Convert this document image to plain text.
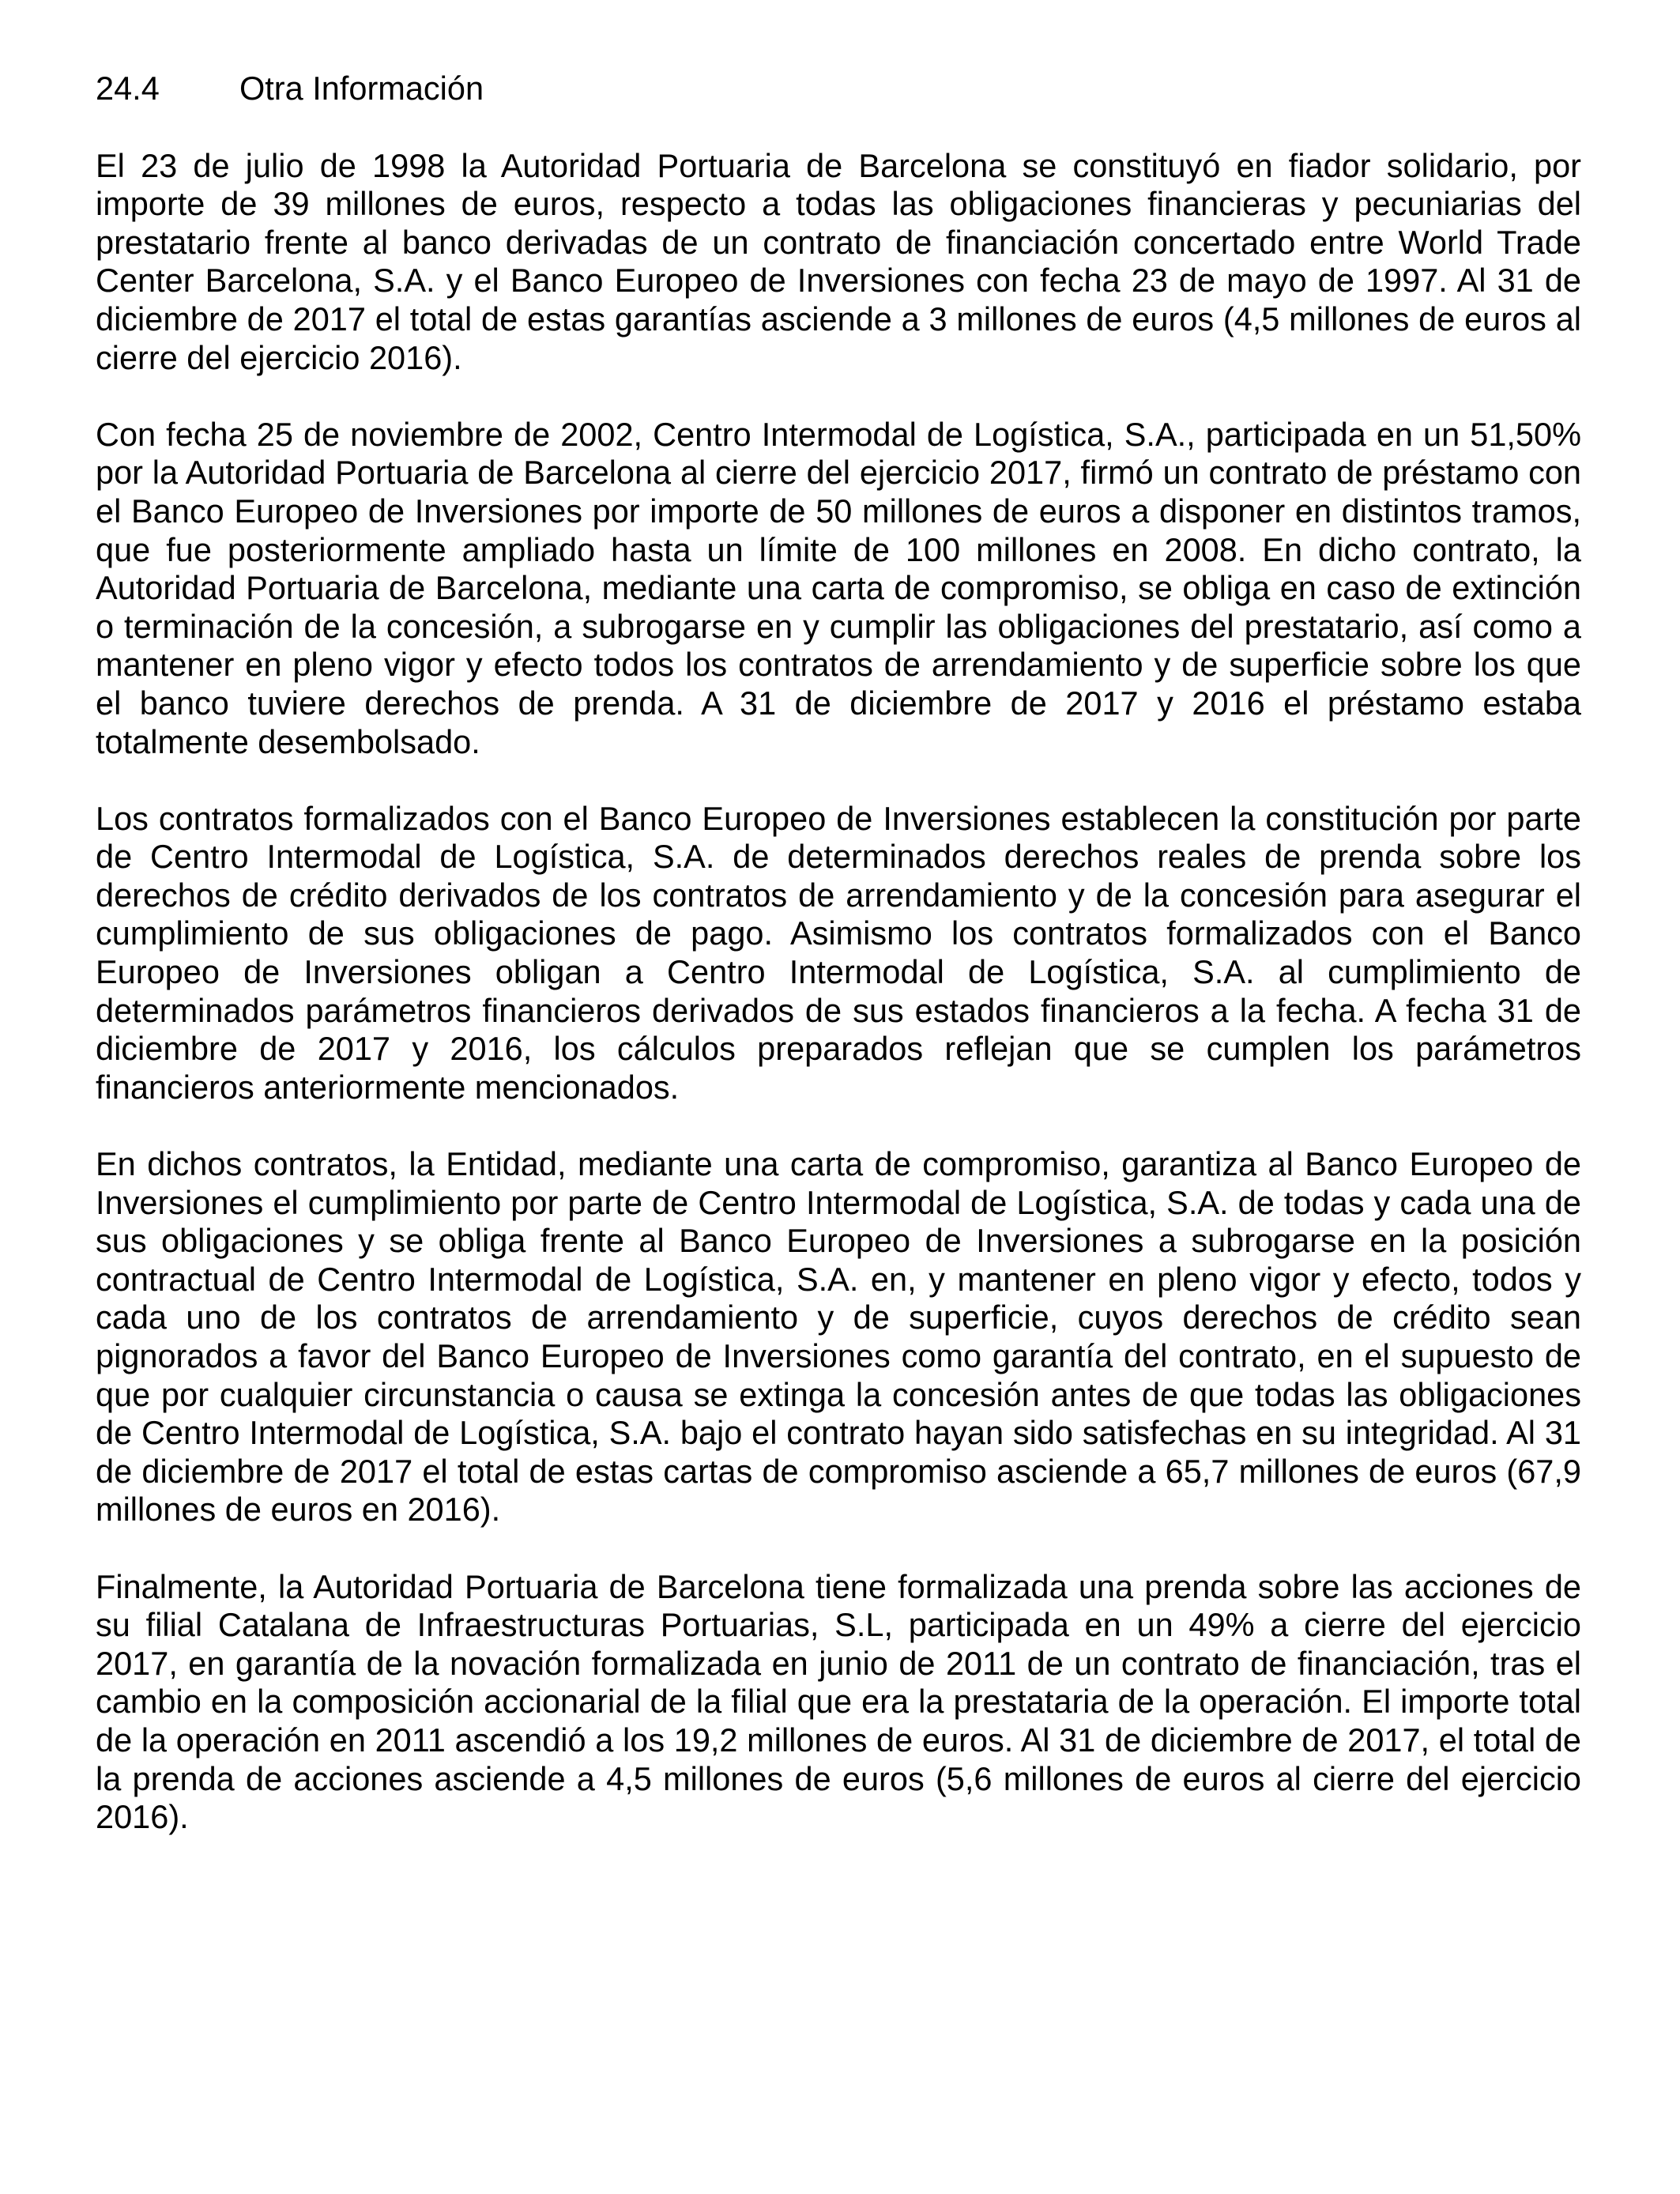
24.4 Otra Información

El 23 de julio de 1998 la Autoridad Portuaria de Barcelona se constituyó en fiador solidario, por importe de 39 millones de euros, respecto a todas las obligaciones financieras y pecuniarias del prestatario frente al banco derivadas de un contrato de financiación concertado entre World Trade Center Barcelona, S.A. y el Banco Europeo de Inversiones con fecha 23 de mayo de 1997. Al 31 de diciembre de 2017 el total de estas garantías asciende a 3 millones de euros (4,5 millones de euros al cierre del ejercicio 2016).

Con fecha 25 de noviembre de 2002, Centro Intermodal de Logística, S.A., participada en un 51,50% por la Autoridad Portuaria de Barcelona al cierre del ejercicio 2017, firmó un contrato de préstamo con el Banco Europeo de Inversiones por importe de 50 millones de euros a disponer en distintos tramos, que fue posteriormente ampliado hasta un límite de 100 millones en 2008. En dicho contrato, la Autoridad Portuaria de Barcelona, mediante una carta de compromiso, se obliga en caso de extinción o terminación de la concesión, a subrogarse en y cumplir las obligaciones del prestatario, así como a mantener en pleno vigor y efecto todos los contratos de arrendamiento y de superficie sobre los que el banco tuviere derechos de prenda. A 31 de diciembre de 2017 y 2016 el préstamo estaba totalmente desembolsado.

Los contratos formalizados con el Banco Europeo de Inversiones establecen la constitución por parte de Centro Intermodal de Logística, S.A. de determinados derechos reales de prenda sobre los derechos de crédito derivados de los contratos de arrendamiento y de la concesión para asegurar el cumplimiento de sus obligaciones de pago. Asimismo los contratos formalizados con el Banco Europeo de Inversiones obligan a Centro Intermodal de Logística, S.A. al cumplimiento de determinados parámetros financieros derivados de sus estados financieros a la fecha. A fecha 31 de diciembre de 2017 y 2016, los cálculos preparados reflejan que se cumplen los parámetros financieros anteriormente mencionados.

En dichos contratos, la Entidad, mediante una carta de compromiso, garantiza al Banco Europeo de Inversiones el cumplimiento por parte de Centro Intermodal de Logística, S.A. de todas y cada una de sus obligaciones y se obliga frente al Banco Europeo de Inversiones a subrogarse en la posición contractual de Centro Intermodal de Logística, S.A. en, y mantener en pleno vigor y efecto, todos y cada uno de los contratos de arrendamiento y de superficie, cuyos derechos de crédito sean pignorados a favor del Banco Europeo de Inversiones como garantía del contrato, en el supuesto de que por cualquier circunstancia o causa se extinga la concesión antes de que todas las obligaciones de Centro Intermodal de Logística, S.A. bajo el contrato hayan sido satisfechas en su integridad. Al 31 de diciembre de 2017 el total de estas cartas de compromiso asciende a 65,7 millones de euros (67,9 millones de euros en 2016).

Finalmente, la Autoridad Portuaria de Barcelona tiene formalizada una prenda sobre las acciones de su filial Catalana de Infraestructuras Portuarias, S.L, participada en un 49% a cierre del ejercicio 2017, en garantía de la novación formalizada en junio de 2011 de un contrato de financiación, tras el cambio en la composición accionarial de la filial que era la prestataria de la operación. El importe total de la operación en 2011 ascendió a los 19,2 millones de euros. Al 31 de diciembre de 2017, el total de la prenda de acciones asciende a 4,5 millones de euros (5,6 millones de euros al cierre del ejercicio 2016).
